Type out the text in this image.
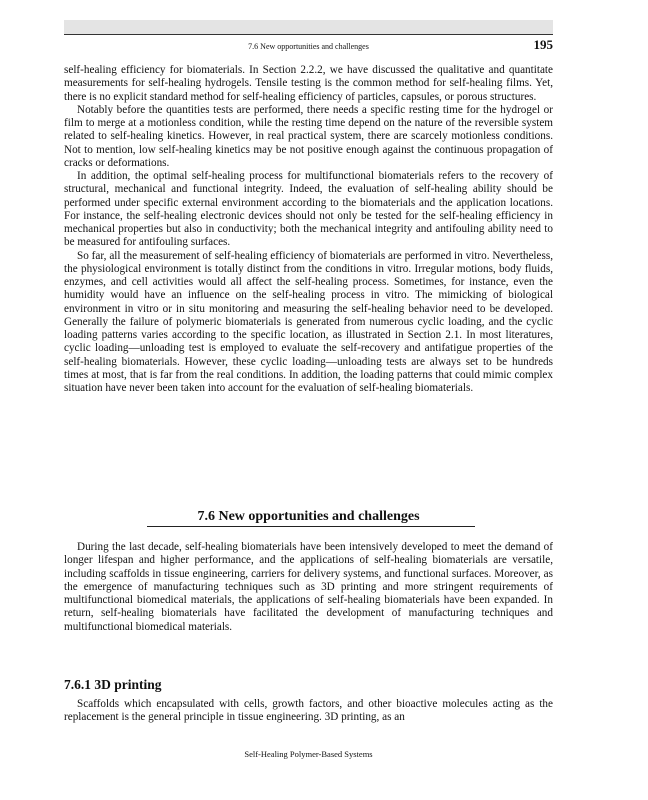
7.6 New opportunities and challenges	195

self-healing efficiency for biomaterials. In Section 2.2.2, we have discussed the qualitative and quantitate measurements for self-healing hydrogels. Tensile testing is the common method for self-healing films. Yet, there is no explicit standard method for self-healing efficiency of particles, capsules, or porous structures.

Notably before the quantities tests are performed, there needs a specific resting time for the hydrogel or film to merge at a motionless condition, while the resting time depend on the nature of the reversible system related to self-healing kinetics. However, in real practical system, there are scarcely motionless conditions. Not to mention, low self-healing kinetics may be not positive enough against the continuous propagation of cracks or deformations.

In addition, the optimal self-healing process for multifunctional biomaterials refers to the recovery of structural, mechanical and functional integrity. Indeed, the evaluation of self-healing ability should be performed under specific external environment according to the biomaterials and the application locations. For instance, the self-healing electronic devices should not only be tested for the self-healing efficiency in mechanical properties but also in conductivity; both the mechanical integrity and antifouling ability need to be measured for antifouling surfaces.

So far, all the measurement of self-healing efficiency of biomaterials are performed in vitro. Nevertheless, the physiological environment is totally distinct from the conditions in vitro. Irregular motions, body fluids, enzymes, and cell activities would all affect the self-healing process. Sometimes, for instance, even the humidity would have an influence on the self-healing process in vitro. The mimicking of biological environment in vitro or in situ monitoring and measuring the self-healing behavior need to be developed. Generally the failure of polymeric biomaterials is generated from numerous cyclic loading, and the cyclic loading patterns varies according to the specific location, as illustrated in Section 2.1. In most literatures, cyclic loading—unloading test is employed to evaluate the self-recovery and antifatigue properties of the self-healing biomaterials. However, these cyclic loading—unloading tests are always set to be hundreds times at most, that is far from the real conditions. In addition, the loading patterns that could mimic complex situation have never been taken into account for the evaluation of self-healing biomaterials.

7.6 New opportunities and challenges

During the last decade, self-healing biomaterials have been intensively developed to meet the demand of longer lifespan and higher performance, and the applications of self-healing biomaterials are versatile, including scaffolds in tissue engineering, carriers for delivery systems, and functional surfaces. Moreover, as the emergence of manufacturing techniques such as 3D printing and more stringent requirements of multifunctional biomedical materials, the applications of self-healing biomaterials have been expanded. In return, self-healing biomaterials have facilitated the development of manufacturing techniques and multifunctional biomedical materials.

7.6.1 3D printing

Scaffolds which encapsulated with cells, growth factors, and other bioactive molecules acting as the replacement is the general principle in tissue engineering. 3D printing, as an

Self-Healing Polymer-Based Systems
